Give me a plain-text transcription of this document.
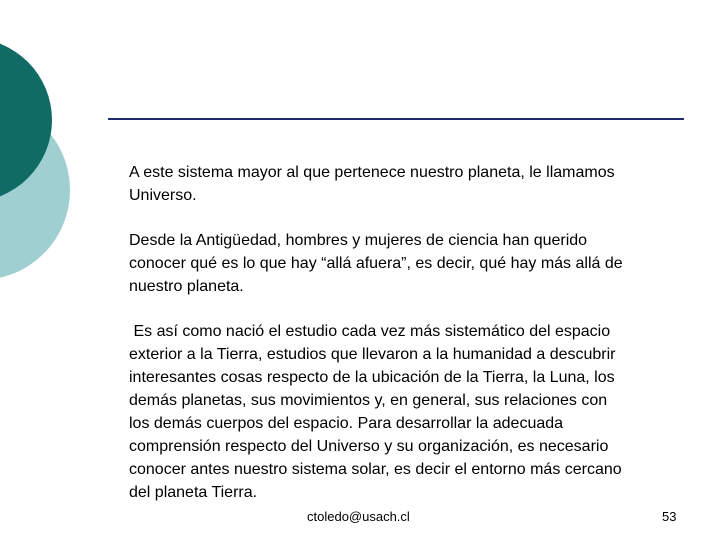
A este sistema mayor al que pertenece nuestro planeta, le llamamos Universo.

Desde la Antigüedad, hombres y mujeres de ciencia han querido conocer qué es lo que hay “allá afuera”, es decir, qué hay más allá de nuestro planeta.

Es así como nació el estudio cada vez más sistemático del espacio exterior a la Tierra, estudios que llevaron a la humanidad a descubrir interesantes cosas respecto de la ubicación de la Tierra, la Luna, los demás planetas, sus movimientos y, en general, sus relaciones con los demás cuerpos del espacio. Para desarrollar la adecuada comprensión respecto del Universo y su organización, es necesario conocer antes nuestro sistema solar, es decir el entorno más cercano del planeta Tierra.

ctoledo@usach.cl	53
